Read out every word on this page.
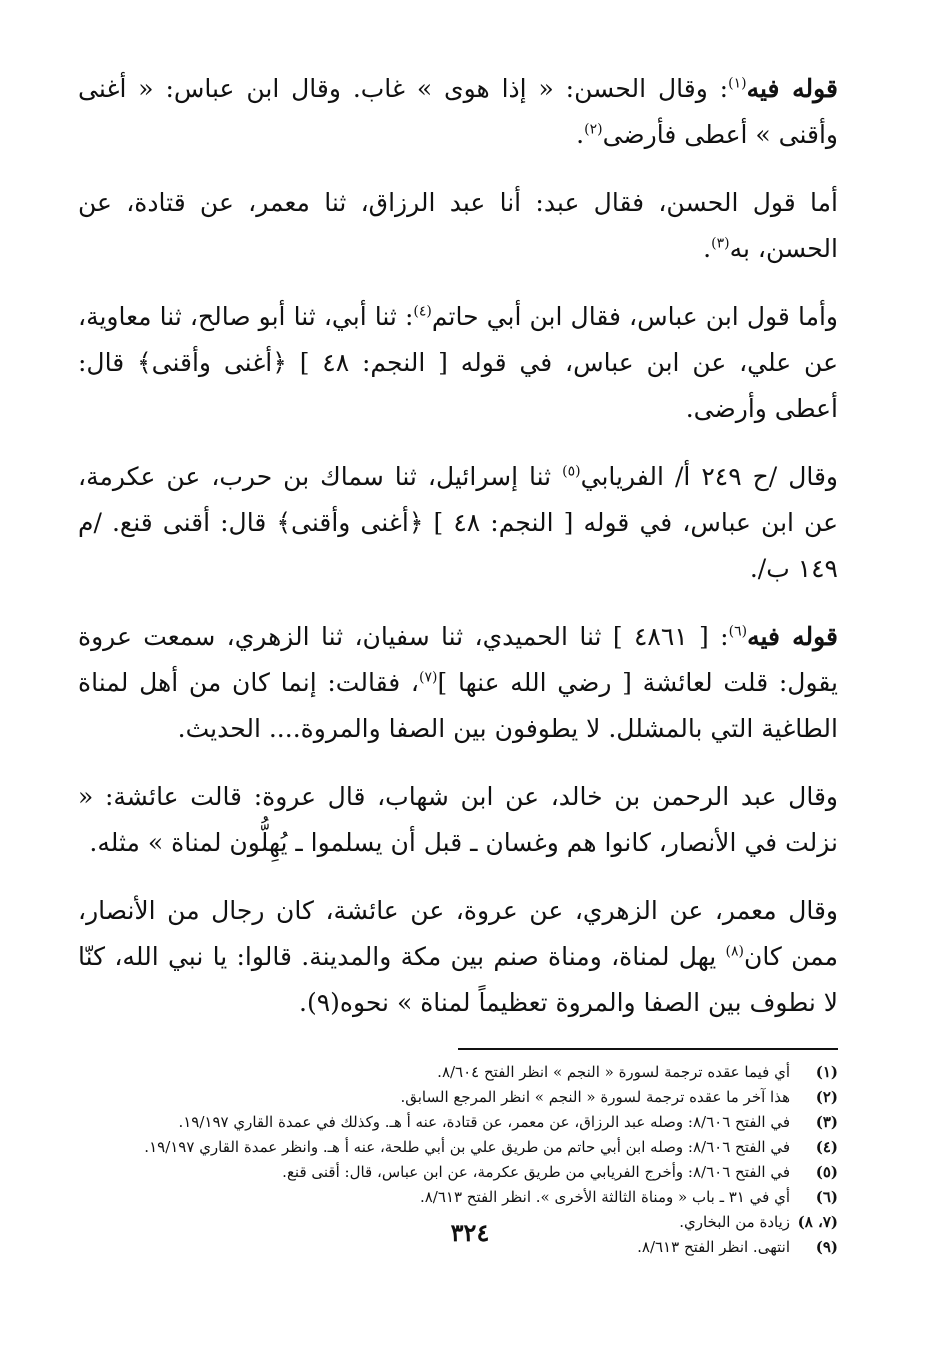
قوله فيه$^{(١)}$: وقال الحسن: « إذا هوى » غاب. وقال ابن عباس: « أغنى وأقنى » أعطى فأرضى$^{(٢)}$.

أما قول الحسن، فقال عبد: أنا عبد الرزاق، ثنا معمر، عن قتادة، عن الحسن، به$^{(٣)}$.

وأما قول ابن عباس، فقال ابن أبي حاتم$^{(٤)}$: ثنا أبي، ثنا أبو صالح، ثنا معاوية، عن علي، عن ابن عباس، في قوله [ النجم: ٤٨ ] ﴿أغنى وأقنى﴾ قال: أعطى وأرضى.

وقال /ح ٢٤٩ أ/ الفريابي$^{(٥)}$ ثنا إسرائيل، ثنا سماك بن حرب، عن عكرمة، عن ابن عباس، في قوله [ النجم: ٤٨ ] ﴿أغنى وأقنى﴾ قال: أقنى قنع. /م ١٤٩ ب/.

قوله فيه$^{(٦)}$: [ ٤٨٦١ ] ثنا الحميدي، ثنا سفيان، ثنا الزهري، سمعت عروة يقول: قلت لعائشة [ رضي الله عنها ]$^{(٧)}$، فقالت: إنما كان من أهل لمناة الطاغية التي بالمشلل. لا يطوفون بين الصفا والمروة.... الحديث.

وقال عبد الرحمن بن خالد، عن ابن شهاب، قال عروة: قالت عائشة: « نزلت في الأنصار، كانوا هم وغسان ـ قبل أن يسلموا ـ يُهِلُّون لمناة » مثله.

وقال معمر، عن الزهري، عن عروة، عن عائشة، كان رجال من الأنصار، ممن كان$^{(٨)}$ يهل لمناة، ومناة صنم بين مكة والمدينة. قالوا: يا نبي الله، كنّا لا نطوف بين الصفا والمروة تعظيماً لمناة » نحوه(٩).

(١)
أي فيما عقده ترجمة لسورة « النجم » انظر الفتح ٨/٦٠٤.
(٢)
هذا آخر ما عقده ترجمة لسورة « النجم » انظر المرجع السابق.
(٣)
في الفتح ٨/٦٠٦: وصله عبد الرزاق، عن معمر، عن قتادة، عنه أ هـ. وكذلك في عمدة القاري ١٩/١٩٧.
(٤)
في الفتح ٨/٦٠٦: وصله ابن أبي حاتم من طريق علي بن أبي طلحة، عنه أ هـ. وانظر عمدة القاري ١٩/١٩٧.
(٥)
في الفتح ٨/٦٠٦: وأخرج الفريابي من طريق عكرمة، عن ابن عباس، قال: أقنى قنع.
(٦)
أي في ٣١ ـ باب « ومناة الثالثة الأخرى ». انظر الفتح ٨/٦١٣.
(٧، ٨)
زيادة من البخاري.
(٩)
انتهى. انظر الفتح ٨/٦١٣.
٣٢٤
